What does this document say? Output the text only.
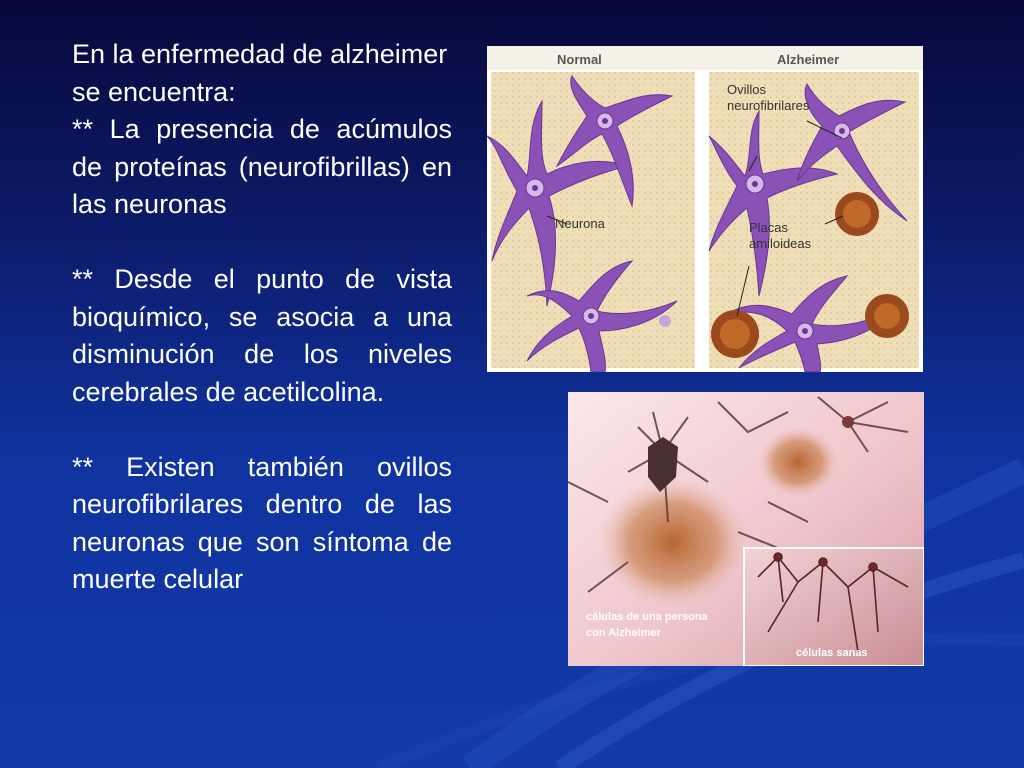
En la enfermedad de alzheimer se encuentra:

** La presencia de acúmulos de proteínas (neurofibrillas) en las neuronas

** Desde el punto de vista bioquímico, se asocia a una disminución de los niveles cerebrales de acetilcolina.

** Existen también ovillos neurofibrilares dentro de las neuronas que son síntoma de muerte celular

Normal	Alzheimer
Neurona
Ovillos
neurofibrilares
Placas
amiloideas
células de una persona
con Alzheimer
células sanas
